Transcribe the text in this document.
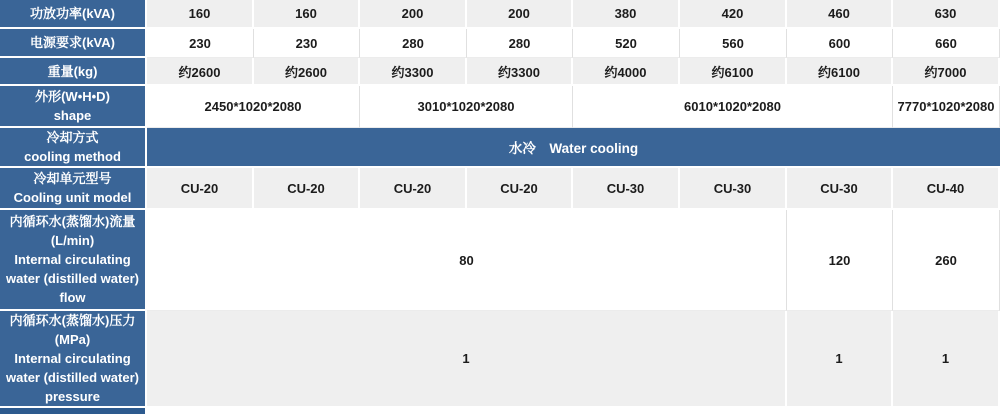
功放功率(kVA)	160	160	200	200	380	420	460	630

电源要求(kVA)	230	230	280	280	520	560	600	660

重量(kg)	约2600	约2600	约3300	约3300	约4000	约6100	约6100	约7000

外形(W•H•D)
shape	2450*1020*2080		3010*1020*2080		6010*1020*2080			7770*1020*2080

冷却方式
cooling method	水冷　Water cooling							

冷却单元型号
Cooling unit model	CU-20	CU-20	CU-20	CU-20	CU-30	CU-30	CU-30	CU-40

内循环水(蒸馏水)流量
(L/min)
Internal circulating
water (distilled water)
flow	80						120	260

内循环水(蒸馏水)压力
(MPa)
Internal circulating
water (distilled water)
pressure	1						1	1
